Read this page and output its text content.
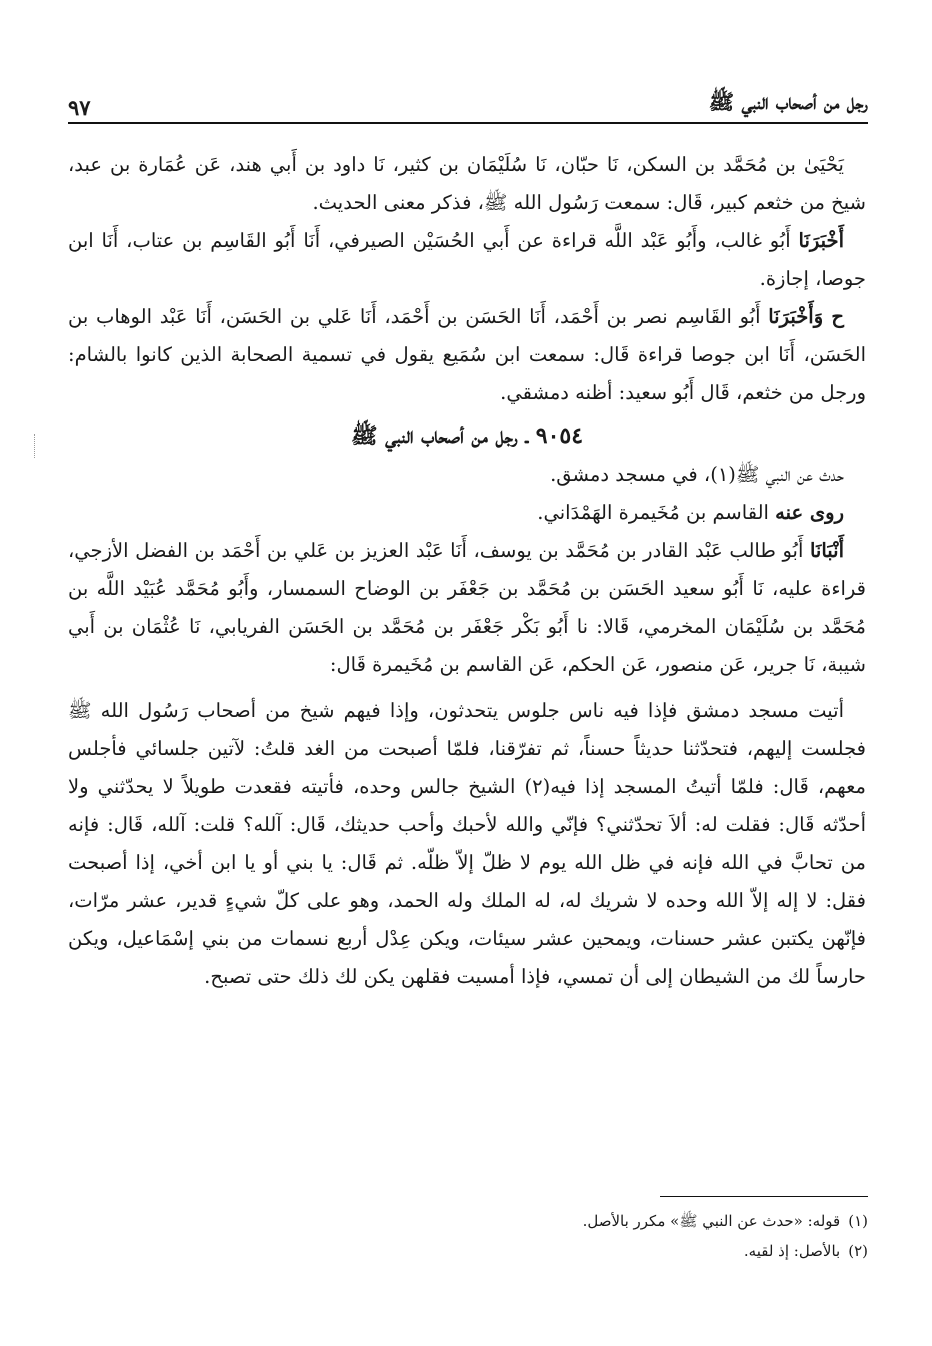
رجل من أصحاب النبي ﷺ
٩٧

يَحْيَىٰ بن مُحَمَّد بن السكن، نَا حبّان، نَا سُلَيْمَان بن كثير، نَا داود بن أَبي هند، عَن عُمَارة بن عبد، شيخ من خثعم كبير، قَال: سمعت رَسُول الله ﷺ، فذكر معنى الحديث.

أَخْبَرَنَا أَبُو غالب، وأَبُو عَبْد اللَّه قراءة عن أَبي الحُسَيْن الصيرفي، أَنَا أَبُو القَاسِم بن عتاب، أَنَا ابن جوصا، إجازة.

ح وَأَخْبَرَنَا أَبُو القَاسِم نصر بن أَحْمَد، أَنَا الحَسَن بن أَحْمَد، أَنَا عَلي بن الحَسَن، أَنَا عَبْد الوهاب بن الحَسَن، أَنَا ابن جوصا قراءة قَال: سمعت ابن سُمَيع يقول في تسمية الصحابة الذين كانوا بالشام: ورجل من خثعم، قَال أَبُو سعيد: أظنه دمشقي.

٩٠٥٤ ـ رجل من أصحاب النبي ﷺ

حدث عن النبي ﷺ(١)، في مسجد دمشق.

روى عنه القاسم بن مُخَيمرة الهَمْدَاني.

أَنْبَانَا أَبُو طالب عَبْد القادر بن مُحَمَّد بن يوسف، أَنَا عَبْد العزيز بن عَلي بن أَحْمَد بن الفضل الأزجي، قراءة عليه، نَا أَبُو سعيد الحَسَن بن مُحَمَّد بن جَعْفَر بن الوضاح السمسار، وأَبُو مُحَمَّد عُبَيْد اللَّه بن مُحَمَّد بن سُلَيْمَان المخرمي، قَالا: نا أَبُو بَكْر جَعْفَر بن مُحَمَّد بن الحَسَن الفريابي، نَا عُثْمَان بن أَبي شيبة، نَا جرير، عَن منصور، عَن الحكم، عَن القاسم بن مُخَيمرة قَال:

أتيت مسجد دمشق فإذا فيه ناس جلوس يتحدثون، وإذا فيهم شيخ من أصحاب رَسُول الله ﷺ فجلست إليهم، فتحدّثنا حديثاً حسناً، ثم تفرّقنا، فلمّا أصبحت من الغد قلتُ: لآتين جلسائي فأجلس معهم، قَال: فلمّا أتيتُ المسجد إذا فيه(٢) الشيخ جالس وحده، فأتيته فقعدت طويلاً لا يحدّثني ولا أحدّثه قَال: فقلت له: ألاَ تحدّثني؟ فإنّي والله لأحبك وأحب حديثك، قَال: آلله؟ قلت: آلله، قَال: فإنه من تحابَّ في الله فإنه في ظل الله يوم لا ظلّ إلاّ ظلّه. ثم قَال: يا بني أو يا ابن أخي، إذا أصبحت فقل: لا إله إلاّ الله وحده لا شريك له، له الملك وله الحمد، وهو على كلّ شيءٍ قدير، عشر مرّات، فإنّهن يكتبن عشر حسنات، ويمحين عشر سيئات، ويكن عِدْل أربع نسمات من بني إسْمَاعيل، ويكن حارساً لك من الشيطان إلى أن تمسي، فإذا أمسيت فقلهن يكن لك ذلك حتى تصبح.

(١)قوله: «حدث عن النبي ﷺ» مكرر بالأصل.
(٢)بالأصل: إذ لقيه.
